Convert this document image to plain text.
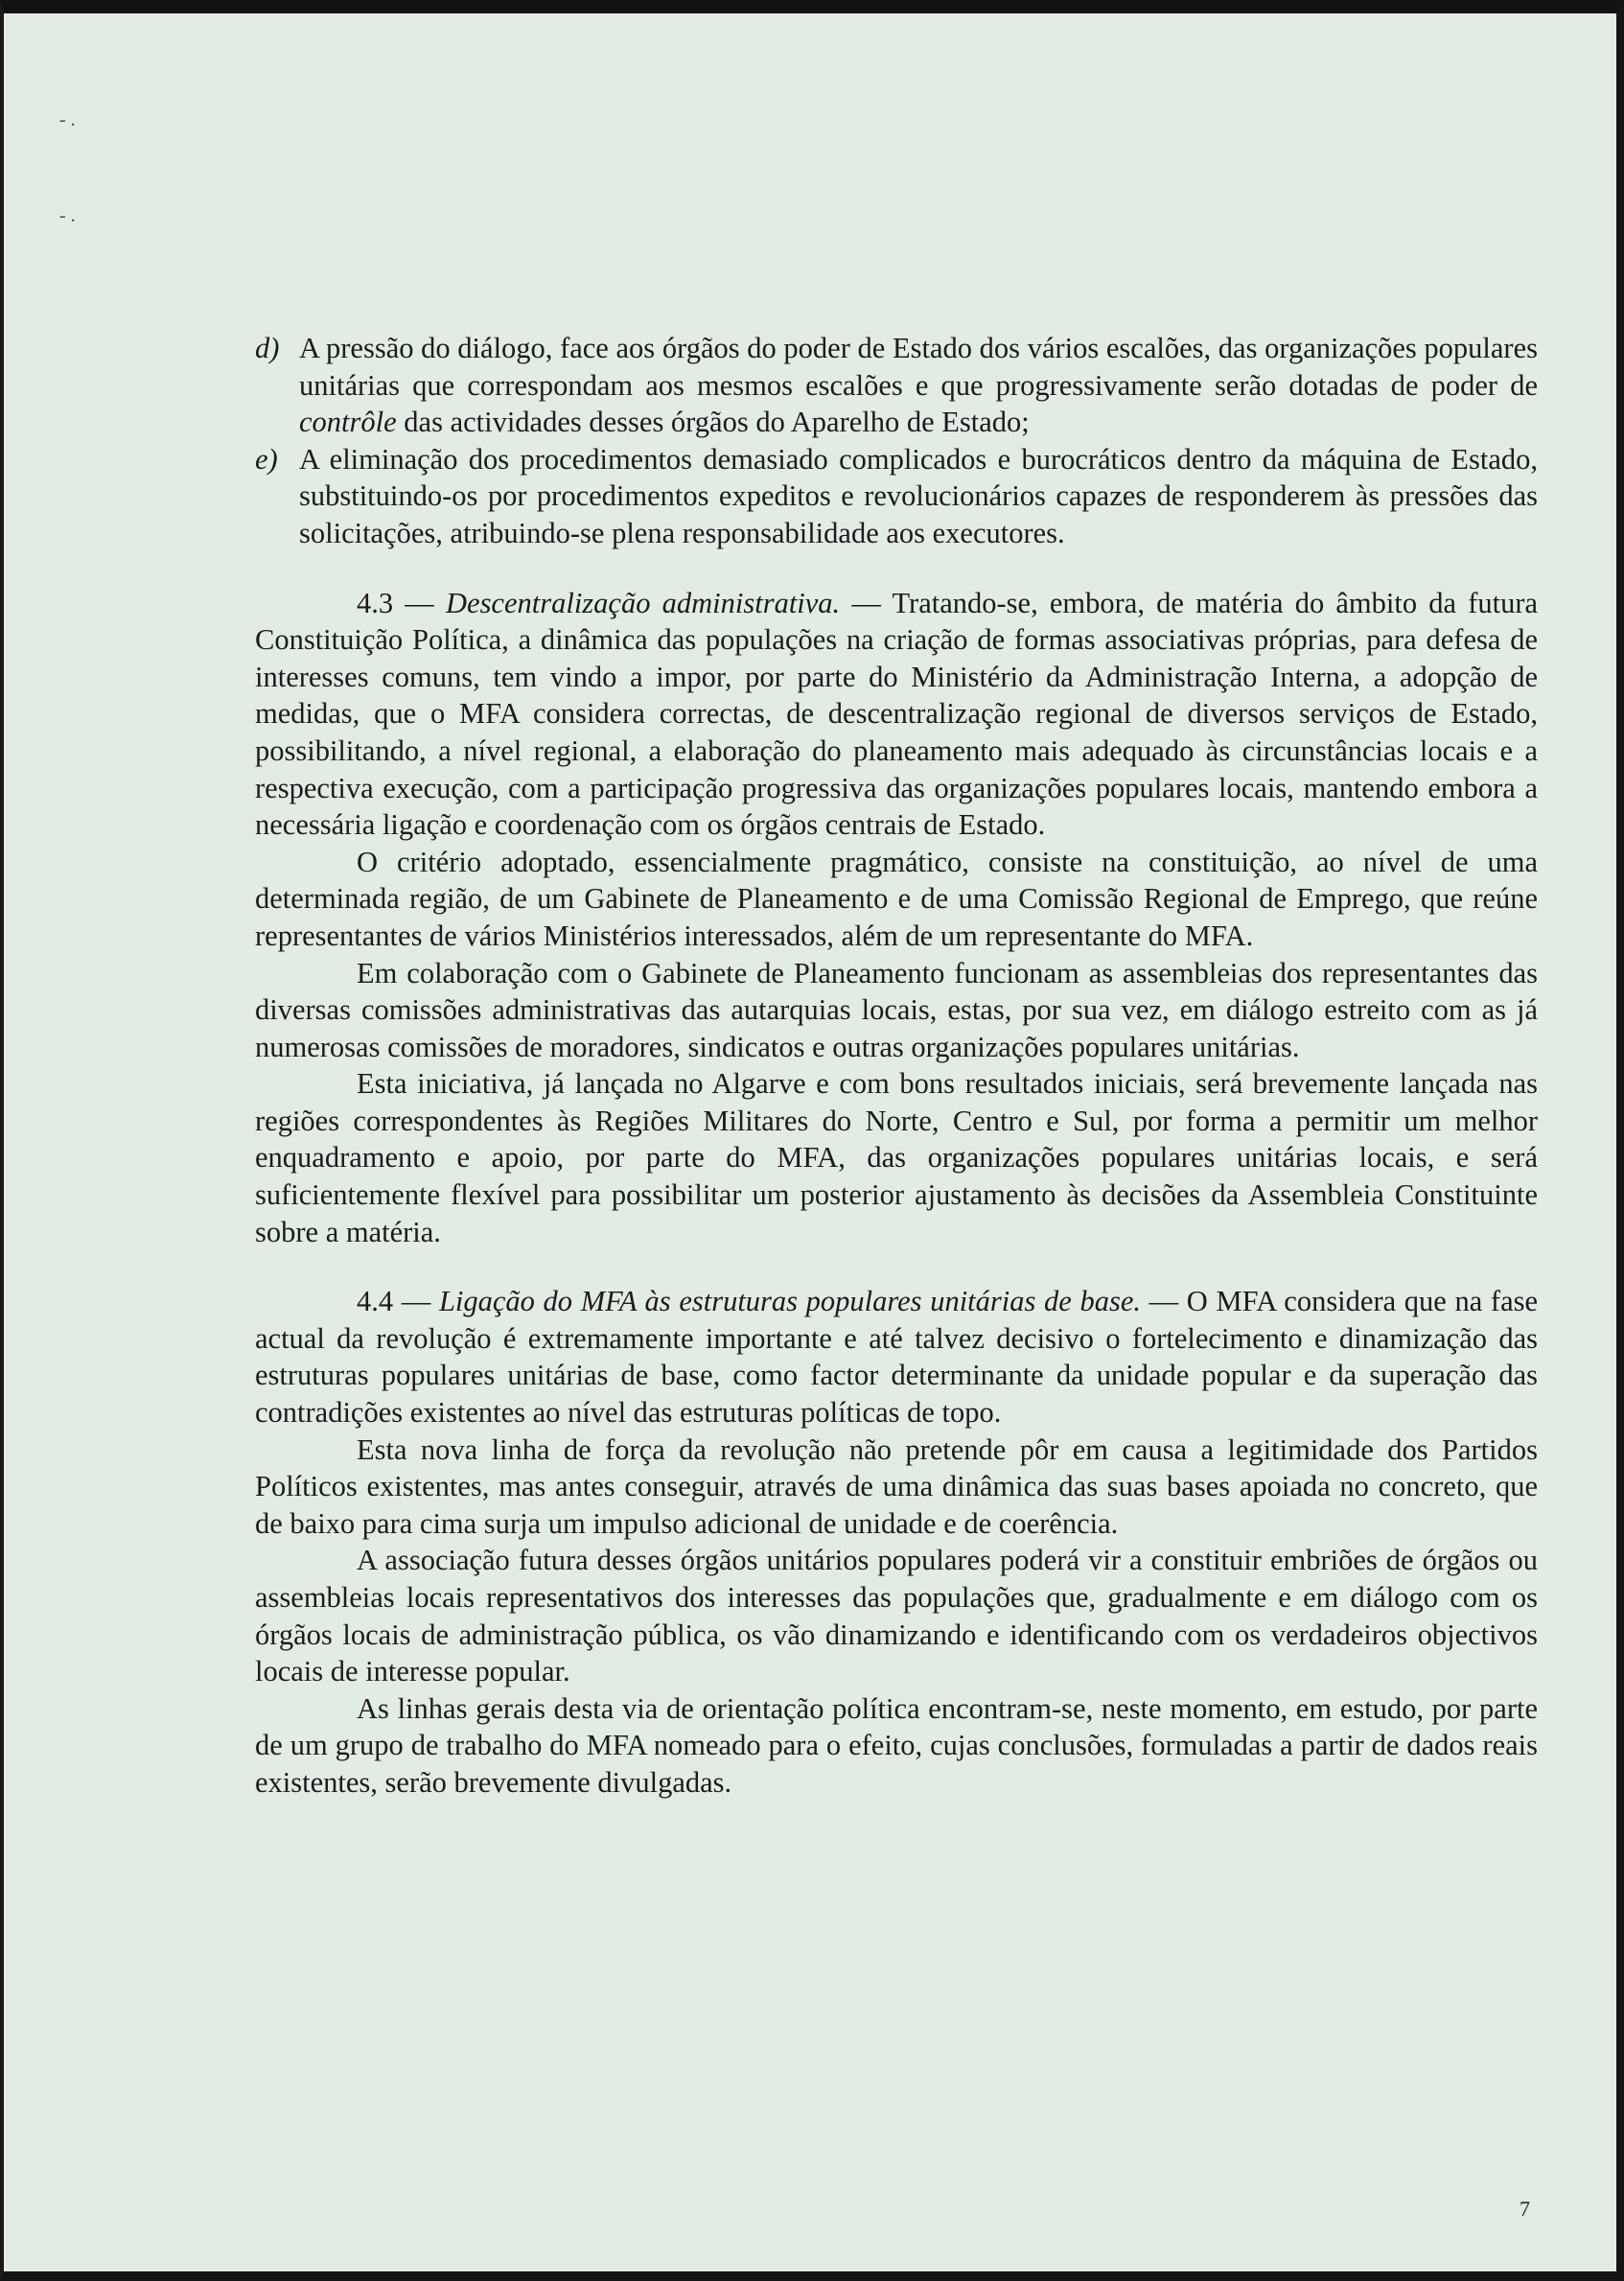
- .
- .
d) A pressão do diálogo, face aos órgãos do poder de Estado dos vários escalões, das organizações populares unitárias que correspondam aos mesmos escalões e que progressivamente serão dotadas de poder de contrôle das actividades desses órgãos do Aparelho de Estado;
e) A eliminação dos procedimentos demasiado complicados e burocráticos dentro da máquina de Estado, substituindo-os por procedimentos expeditos e revolucionários capazes de responderem às pressões das solicitações, atribuindo-se plena responsabilidade aos executores.

4.3 — Descentralização administrativa. — Tratando-se, embora, de matéria do âmbito da futura Constituição Política, a dinâmica das populações na criação de formas associativas próprias, para defesa de interesses comuns, tem vindo a impor, por parte do Ministério da Administração Interna, a adopção de medidas, que o MFA considera correctas, de descentralização regional de diversos serviços de Estado, possibilitando, a nível regional, a elaboração do planeamento mais adequado às circunstâncias locais e a respectiva execução, com a participação progressiva das organizações populares locais, mantendo embora a necessária ligação e coordenação com os órgãos centrais de Estado.

O critério adoptado, essencialmente pragmático, consiste na constituição, ao nível de uma determinada região, de um Gabinete de Planeamento e de uma Comissão Regional de Emprego, que reúne representantes de vários Ministérios interessados, além de um representante do MFA.

Em colaboração com o Gabinete de Planeamento funcionam as assembleias dos representantes das diversas comissões administrativas das autarquias locais, estas, por sua vez, em diálogo estreito com as já numerosas comissões de moradores, sindicatos e outras organizações populares unitárias.

Esta iniciativa, já lançada no Algarve e com bons resultados iniciais, será brevemente lançada nas regiões correspondentes às Regiões Militares do Norte, Centro e Sul, por forma a permitir um melhor enquadramento e apoio, por parte do MFA, das organizações populares unitárias locais, e será suficientemente flexível para possibilitar um posterior ajustamento às decisões da Assembleia Constituinte sobre a matéria.

4.4 — Ligação do MFA às estruturas populares unitárias de base. — O MFA considera que na fase actual da revolução é extremamente importante e até talvez decisivo o fortelecimento e dinamização das estruturas populares unitárias de base, como factor determinante da unidade popular e da superação das contradições existentes ao nível das estruturas políticas de topo.

Esta nova linha de força da revolução não pretende pôr em causa a legitimidade dos Partidos Políticos existentes, mas antes conseguir, através de uma dinâmica das suas bases apoiada no concreto, que de baixo para cima surja um impulso adicional de unidade e de coerência.

A associação futura desses órgãos unitários populares poderá vir a constituir embriões de órgãos ou assembleias locais representativos dos interesses das populações que, gradualmente e em diálogo com os órgãos locais de administração pública, os vão dinamizando e identificando com os verdadeiros objectivos locais de interesse popular.

As linhas gerais desta via de orientação política encontram-se, neste momento, em estudo, por parte de um grupo de trabalho do MFA nomeado para o efeito, cujas conclusões, formuladas a partir de dados reais existentes, serão brevemente divulgadas.

7
